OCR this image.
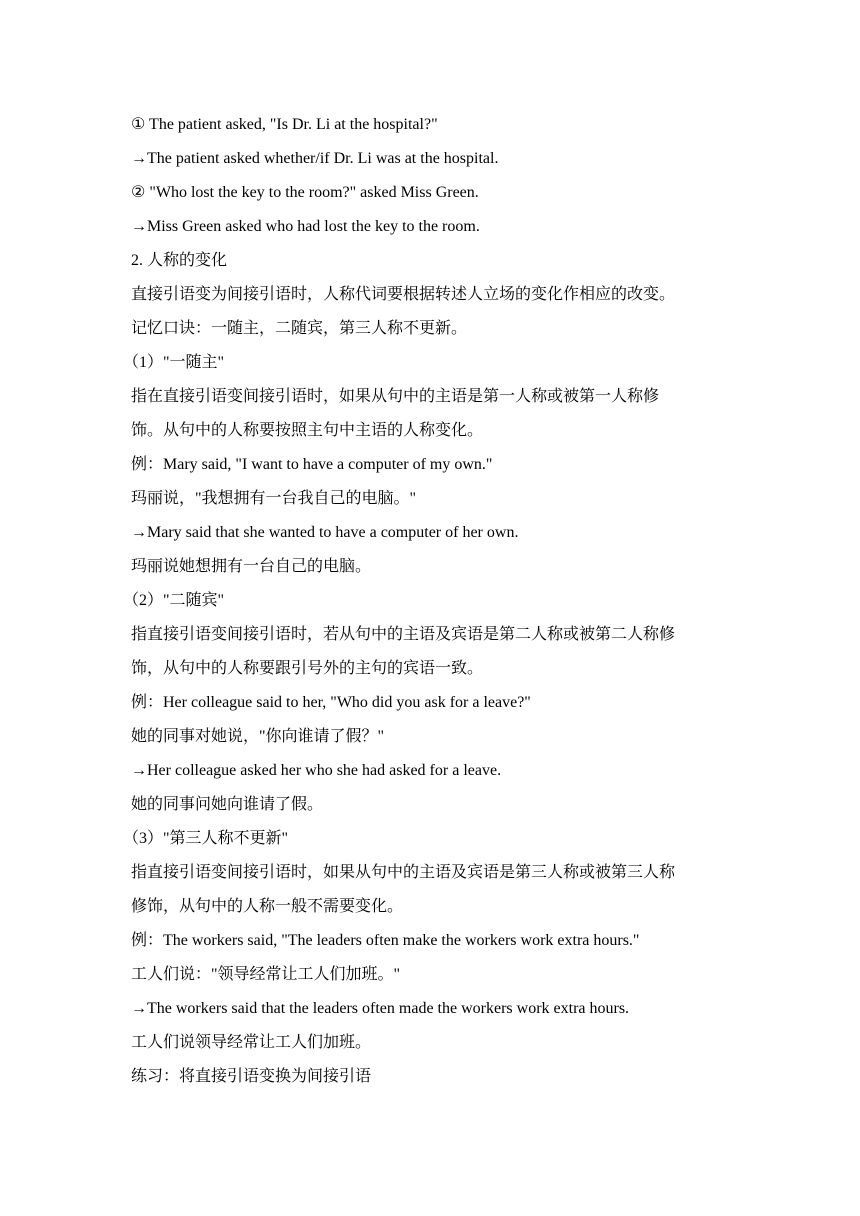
① The patient asked, "Is Dr. Li at the hospital?"
→The patient asked whether/if Dr. Li was at the hospital.
② "Who lost the key to the room?" asked Miss Green.
→Miss Green asked who had lost the key to the room.
2. 人称的变化
直接引语变为间接引语时，人称代词要根据转述人立场的变化作相应的改变。
记忆口诀：一随主，二随宾，第三人称不更新。
（1）"一随主"
指在直接引语变间接引语时，如果从句中的主语是第一人称或被第一人称修
饰。从句中的人称要按照主句中主语的人称变化。
例：Mary said, "I want to have a computer of my own."
玛丽说，"我想拥有一台我自己的电脑。"
→Mary said that she wanted to have a computer of her own.
玛丽说她想拥有一台自己的电脑。
（2）"二随宾"
指直接引语变间接引语时，若从句中的主语及宾语是第二人称或被第二人称修
饰，从句中的人称要跟引号外的主句的宾语一致。
例：Her colleague said to her, "Who did you ask for a leave?"
她的同事对她说，"你向谁请了假？"
→Her colleague asked her who she had asked for a leave.
她的同事问她向谁请了假。
（3）"第三人称不更新"
指直接引语变间接引语时，如果从句中的主语及宾语是第三人称或被第三人称
修饰，从句中的人称一般不需要变化。
例：The workers said, "The leaders often make the workers work extra hours."
工人们说："领导经常让工人们加班。"
→The workers said that the leaders often made the workers work extra hours.
工人们说领导经常让工人们加班。
练习：将直接引语变换为间接引语
